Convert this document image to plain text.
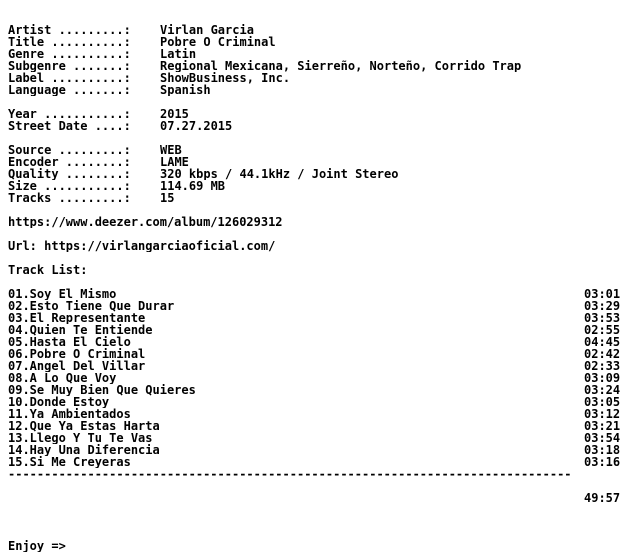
Artist .........: Virlan Garcia
Title ..........: Pobre O Criminal
Genre ..........: Latin
Subgenre .......: Regional Mexicana, Sierreño, Norteño, Corrido Trap
Label ..........: ShowBusiness, Inc.
Language .......: Spanish
Year ...........: 2015
Street Date ....: 07.27.2015
Source .........: WEB
Encoder ........: LAME
Quality ........: 320 kbps / 44.1kHz / Joint Stereo
Size ...........: 114.69 MB
Tracks .........: 15
https://www.deezer.com/album/126029312
Url: https://virlangarciaoficial.com/
Track List:
01.Soy El Mismo	03:01
02.Esto Tiene Que Durar	03:29
03.El Representante	03:53
04.Quien Te Entiende	02:55
05.Hasta El Cielo	04:45
06.Pobre O Criminal	02:42
07.Angel Del Villar	02:33
08.A Lo Que Voy	03:09
09.Se Muy Bien Que Quieres	03:24
10.Donde Estoy	03:05
11.Ya Ambientados	03:12
12.Que Ya Estas Harta	03:21
13.Llego Y Tu Te Vas	03:54
14.Hay Una Diferencia	03:18
15.Si Me Creyeras	03:16
------------------------------------------------------------------------------

49:57

Enjoy =>
